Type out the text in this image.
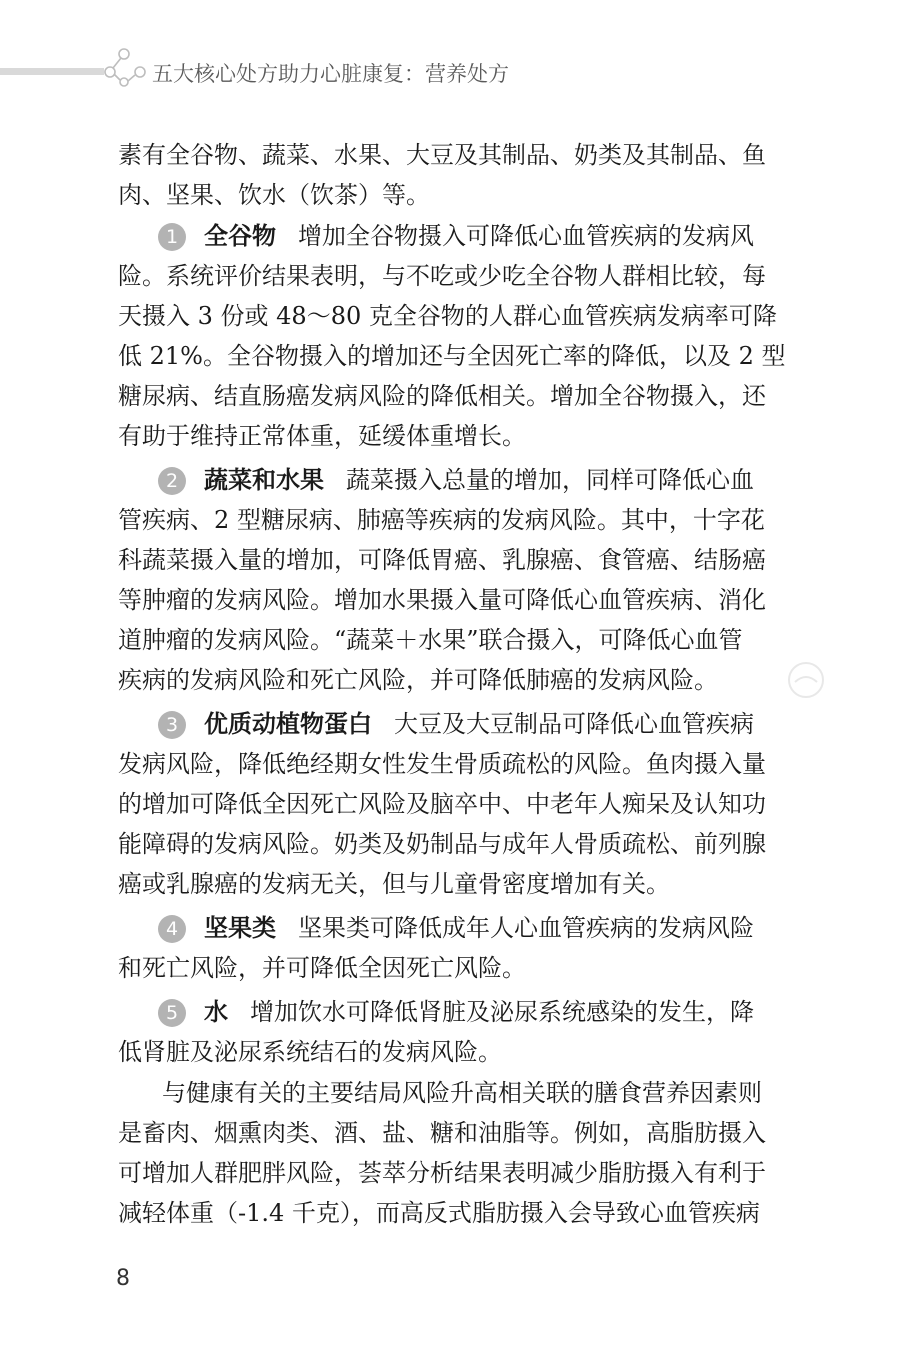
五大核心处方助力心脏康复：营养处方
素有全谷物、蔬菜、水果、大豆及其制品、奶类及其制品、鱼
肉、坚果、饮水（饮茶）等。
1 全谷物 增加全谷物摄入可降低心血管疾病的发病风
险。系统评价结果表明，与不吃或少吃全谷物人群相比较，每
天摄入 3 份或 48～80 克全谷物的人群心血管疾病发病率可降
低 21%。全谷物摄入的增加还与全因死亡率的降低，以及 2 型
糖尿病、结直肠癌发病风险的降低相关。增加全谷物摄入，还
有助于维持正常体重，延缓体重增长。
2 蔬菜和水果 蔬菜摄入总量的增加，同样可降低心血
管疾病、2 型糖尿病、肺癌等疾病的发病风险。其中，十字花
科蔬菜摄入量的增加，可降低胃癌、乳腺癌、食管癌、结肠癌
等肿瘤的发病风险。增加水果摄入量可降低心血管疾病、消化
道肿瘤的发病风险。“蔬菜＋水果”联合摄入，可降低心血管
疾病的发病风险和死亡风险，并可降低肺癌的发病风险。
3 优质动植物蛋白 大豆及大豆制品可降低心血管疾病
发病风险，降低绝经期女性发生骨质疏松的风险。鱼肉摄入量
的增加可降低全因死亡风险及脑卒中、中老年人痴呆及认知功
能障碍的发病风险。奶类及奶制品与成年人骨质疏松、前列腺
癌或乳腺癌的发病无关，但与儿童骨密度增加有关。
4 坚果类 坚果类可降低成年人心血管疾病的发病风险
和死亡风险，并可降低全因死亡风险。
5 水 增加饮水可降低肾脏及泌尿系统感染的发生，降
低肾脏及泌尿系统结石的发病风险。
与健康有关的主要结局风险升高相关联的膳食营养因素则
是畜肉、烟熏肉类、酒、盐、糖和油脂等。例如，高脂肪摄入
可增加人群肥胖风险，荟萃分析结果表明减少脂肪摄入有利于
减轻体重（-1.4 千克），而高反式脂肪摄入会导致心血管疾病
8
